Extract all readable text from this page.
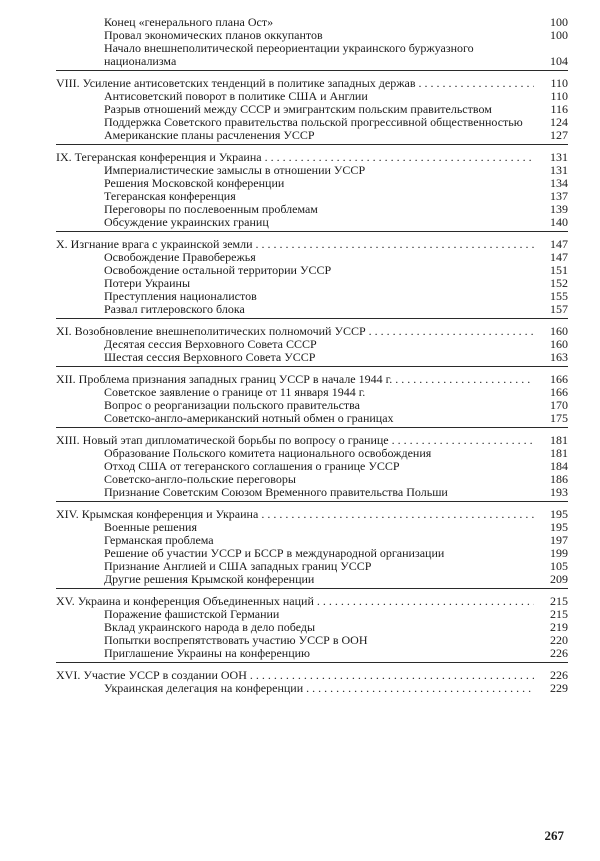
Конец «генерального плана Ост»	100
Провал экономических планов оккупантов	100
Начало внешнеполитической переориентации украинского буржуазного национализма	104
VIII. Усиление антисоветских тенденций в политике западных держав . . .	110
Антисоветский поворот в политике США и Англии	110
Разрыв отношений между СССР и эмигрантским польским правительством	116
Поддержка Советского правительства польской прогрессивной общественностью	124
Американские планы расчленения УССР	127
IX. Тегеранская конференция и Украина . . .	131
Империалистические замыслы в отношении УССР	131
Решения Московской конференции	134
Тегеранская конференция	137
Переговоры по послевоенным проблемам	139
Обсуждение украинских границ	140
X. Изгнание врага с украинской земли . . .	147
Освобождение Правобережья	147
Освобождение остальной территории УССР	151
Потери Украины	152
Преступления националистов	155
Развал гитлеровского блока	157
XI. Возобновление внешнеполитических полномочий УССР . . .	160
Десятая сессия Верховного Совета СССР	160
Шестая сессия Верховного Совета УССР	163
XII. Проблема признания западных границ УССР в начале 1944 г. . . .	166
Советское заявление о границе от 11 января 1944 г.	166
Вопрос о реорганизации польского правительства	170
Советско-англо-американский нотный обмен о границах	175
XIII. Новый этап дипломатической борьбы по вопросу о границе . . .	181
Образование Польского комитета национального освобождения	181
Отход США от тегеранского соглашения о границе УССР	184
Советско-англо-польские переговоры	186
Признание Советским Союзом Временного правительства Польши	193
XIV. Крымская конференция и Украина . . .	195
Военные решения	195
Германская проблема	197
Решение об участии УССР и БССР в международной организации	199
Признание Англией и США западных границ УССР	105
Другие решения Крымской конференции	209
XV. Украина и конференция Объединенных наций . . .	215
Поражение фашистской Германии	215
Вклад украинского народа в дело победы	219
Попытки воспрепятствовать участию УССР в ООН	220
Приглашение Украины на конференцию	226
XVI. Участие УССР в создании ООН . . .	226
Украинская делегация на конференции . . .	229
267
